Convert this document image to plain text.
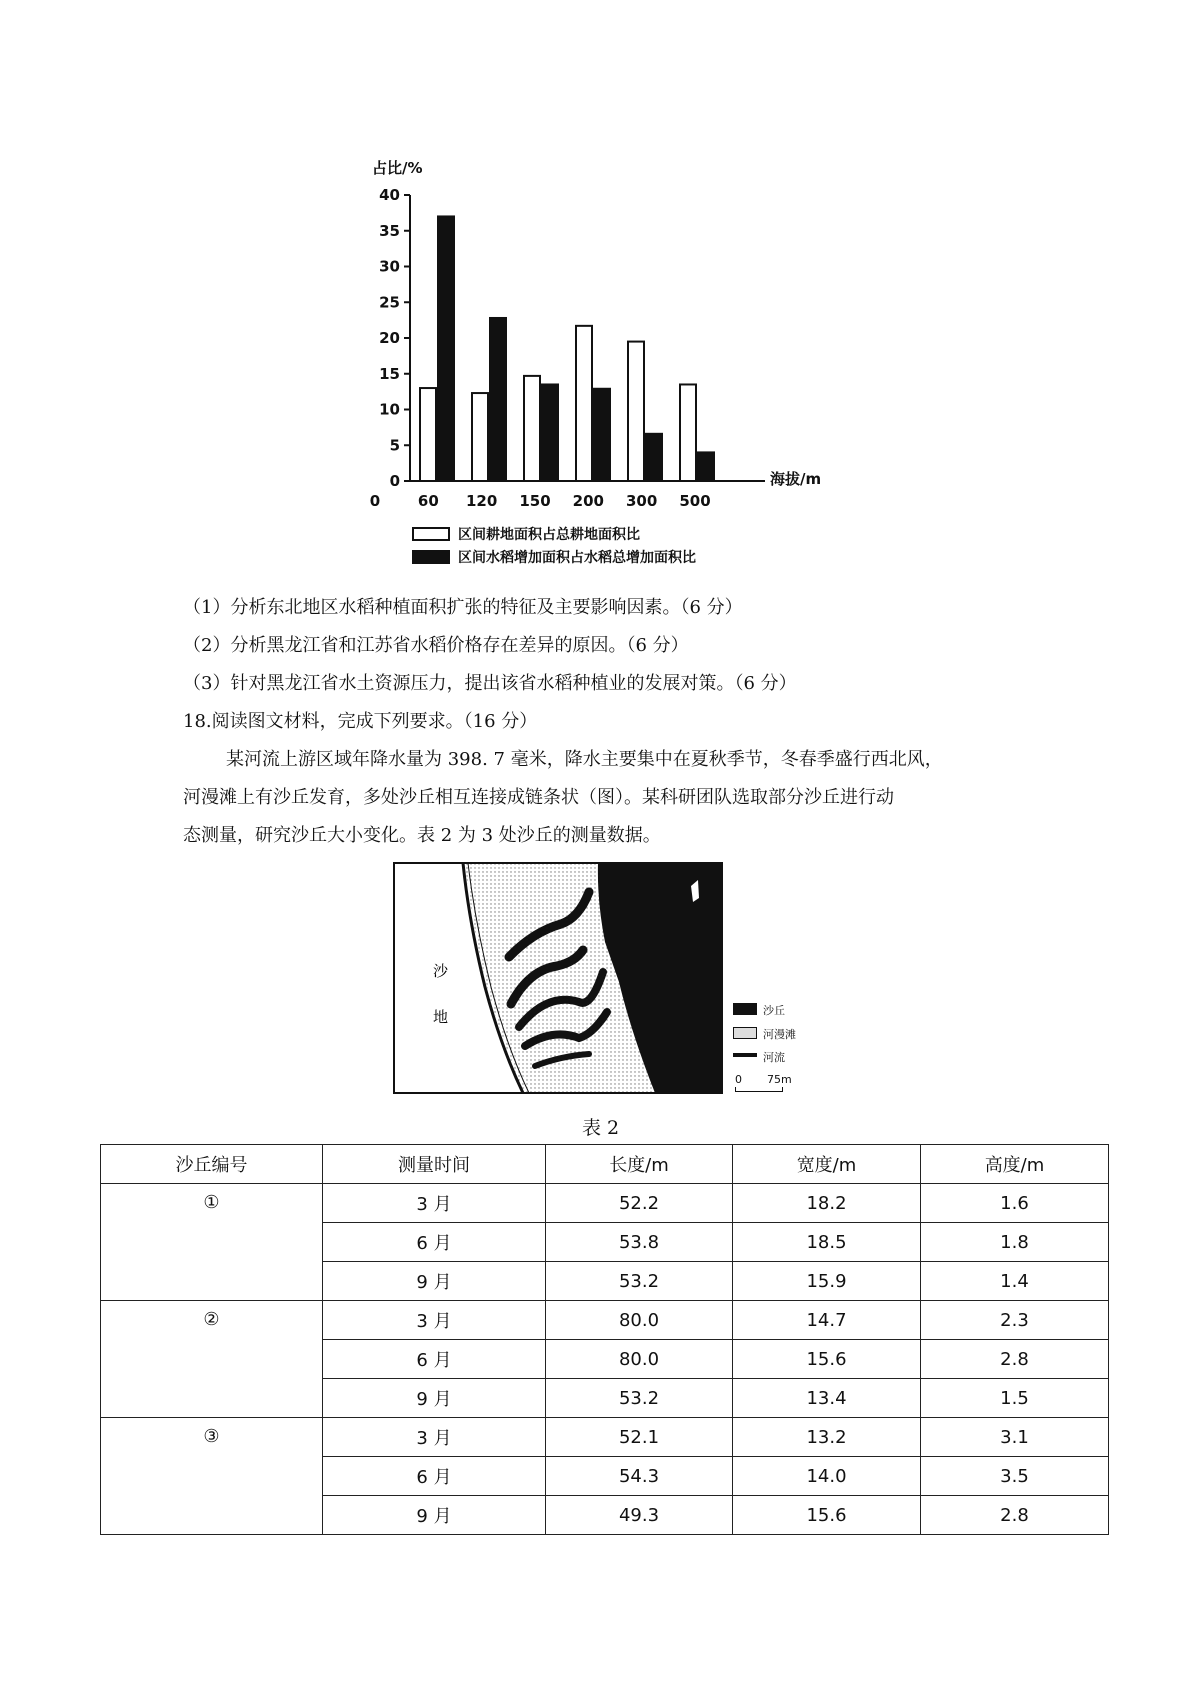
占比/%
海拔/m
0
5
10
15
20
25
30
35
40
0	60 120 150 200 300 500
区间耕地面积占总耕地面积比
区间水稻增加面积占水稻总增加面积比
（1）分析东北地区水稻种植面积扩张的特征及主要影响因素。（6 分）
（2）分析黑龙江省和江苏省水稻价格存在差异的原因。（6 分）
（3）针对黑龙江省水土资源压力，提出该省水稻种植业的发展对策。（6 分）
18.阅读图文材料，完成下列要求。（16 分）
某河流上游区域年降水量为 398. 7 毫米，降水主要集中在夏秋季节，冬春季盛行西北风，
河漫滩上有沙丘发育，多处沙丘相互连接成链条状（图）。某科研团队选取部分沙丘进行动
态测量，研究沙丘大小变化。表 2 为 3 处沙丘的测量数据。
沙
地	沙丘
河漫滩
河流
0 75m
表 2
沙丘编号	测量时间	长度/m	宽度/m	高度/m
①	3 月	52.2	18.2	1.6
	6 月	53.8	18.5	1.8
	9 月	53.2	15.9	1.4
②	3 月	80.0	14.7	2.3
	6 月	80.0	15.6	2.8
	9 月	53.2	13.4	1.5
③	3 月	52.1	13.2	3.1
	6 月	54.3	14.0	3.5
	9 月	49.3	15.6	2.8
